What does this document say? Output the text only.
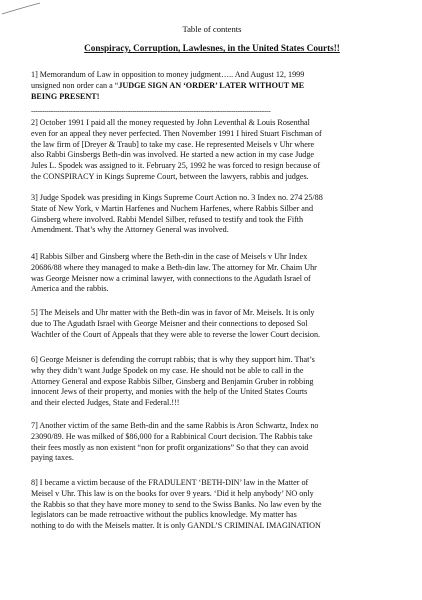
Table of contents
Conspiracy, Corruption, Lawlesnes, in the United States Courts!!
1] Memorandum of Law in opposition to money judgment….. And August 12, 1999
unsigned non order can a “JUDGE SIGN AN ‘ORDER’ LATER WITHOUT ME
BEING PRESENT!
-------------------------------------------------------------------------------------------------------------
2] October 1991 I paid all the money requested by John Leventhal & Louis Rosenthal
even for an appeal they never perfected. Then November 1991 I hired Stuart Fischman of
the law firm of [Dreyer & Traub] to take my case. He represented Meisels v Uhr where
also Rabbi Ginsbergs Beth-din was involved. He started a new action in my case Judge
Jules L. Spodek was assigned to it. February 25, 1992 he was forced to resign because of
the CONSPIRACY in Kings Supreme Court, between the lawyers, rabbis and judges.
3] Judge Spodek was presiding in Kings Supreme Court Action no. 3 Index no. 274 25/88
State of New York, v Martin Harfenes and Nuchem Harfenes, where Rabbis Silber and
Ginsberg where involved. Rabbi Mendel Silber, refused to testify and took the Fifth
Amendment. That’s why the Attorney General was involved.
4] Rabbis Silber and Ginsberg where the Beth-din in the case of Meisels v Uhr Index
20686/88 where they managed to make a Beth-din law. The attorney for Mr. Chaim Uhr
was George Meisner now a criminal lawyer, with connections to the Agudath Israel of
America and the rabbis.
5] The Meisels and Uhr matter with the Beth-din was in favor of Mr. Meisels. It is only
due to The Agudath Israel with George Meisner and their connections to deposed Sol
Wachtler of the Court of Appeals that they were able to reverse the lower Court decision.
6] George Meisner is defending the corrupt rabbis; that is why they support him. That’s
why they didn’t want Judge Spodek on my case. He should not be able to call in the
Attorney General and expose Rabbis Silber, Ginsberg and Benjamin Gruber in robbing
innocent Jews of their property, and monies with the help of the United States Courts
and their elected Judges, State and Federal.!!!
7] Another victim of the same Beth-din and the same Rabbis is Aron Schwartz, Index no
23090/89. He was milked of $86,000 for a Rabbinical Court decision. The Rabbis take
their fees mostly as non existent “non for profit organizations” So that they can avoid
paying taxes.
8] I became a victim because of the FRADULENT ‘BETH-DIN’ law in the Matter of
Meisel v Uhr. This law is on the books for over 9 years. ‘Did it help anybody’ NO only
the Rabbis so that they have more money to send to the Swiss Banks. No law even by the
legislators can be made retroactive without the publics knowledge. My matter has
nothing to do with the Meisels matter. It is only GANDL’S CRIMINAL IMAGINATION
